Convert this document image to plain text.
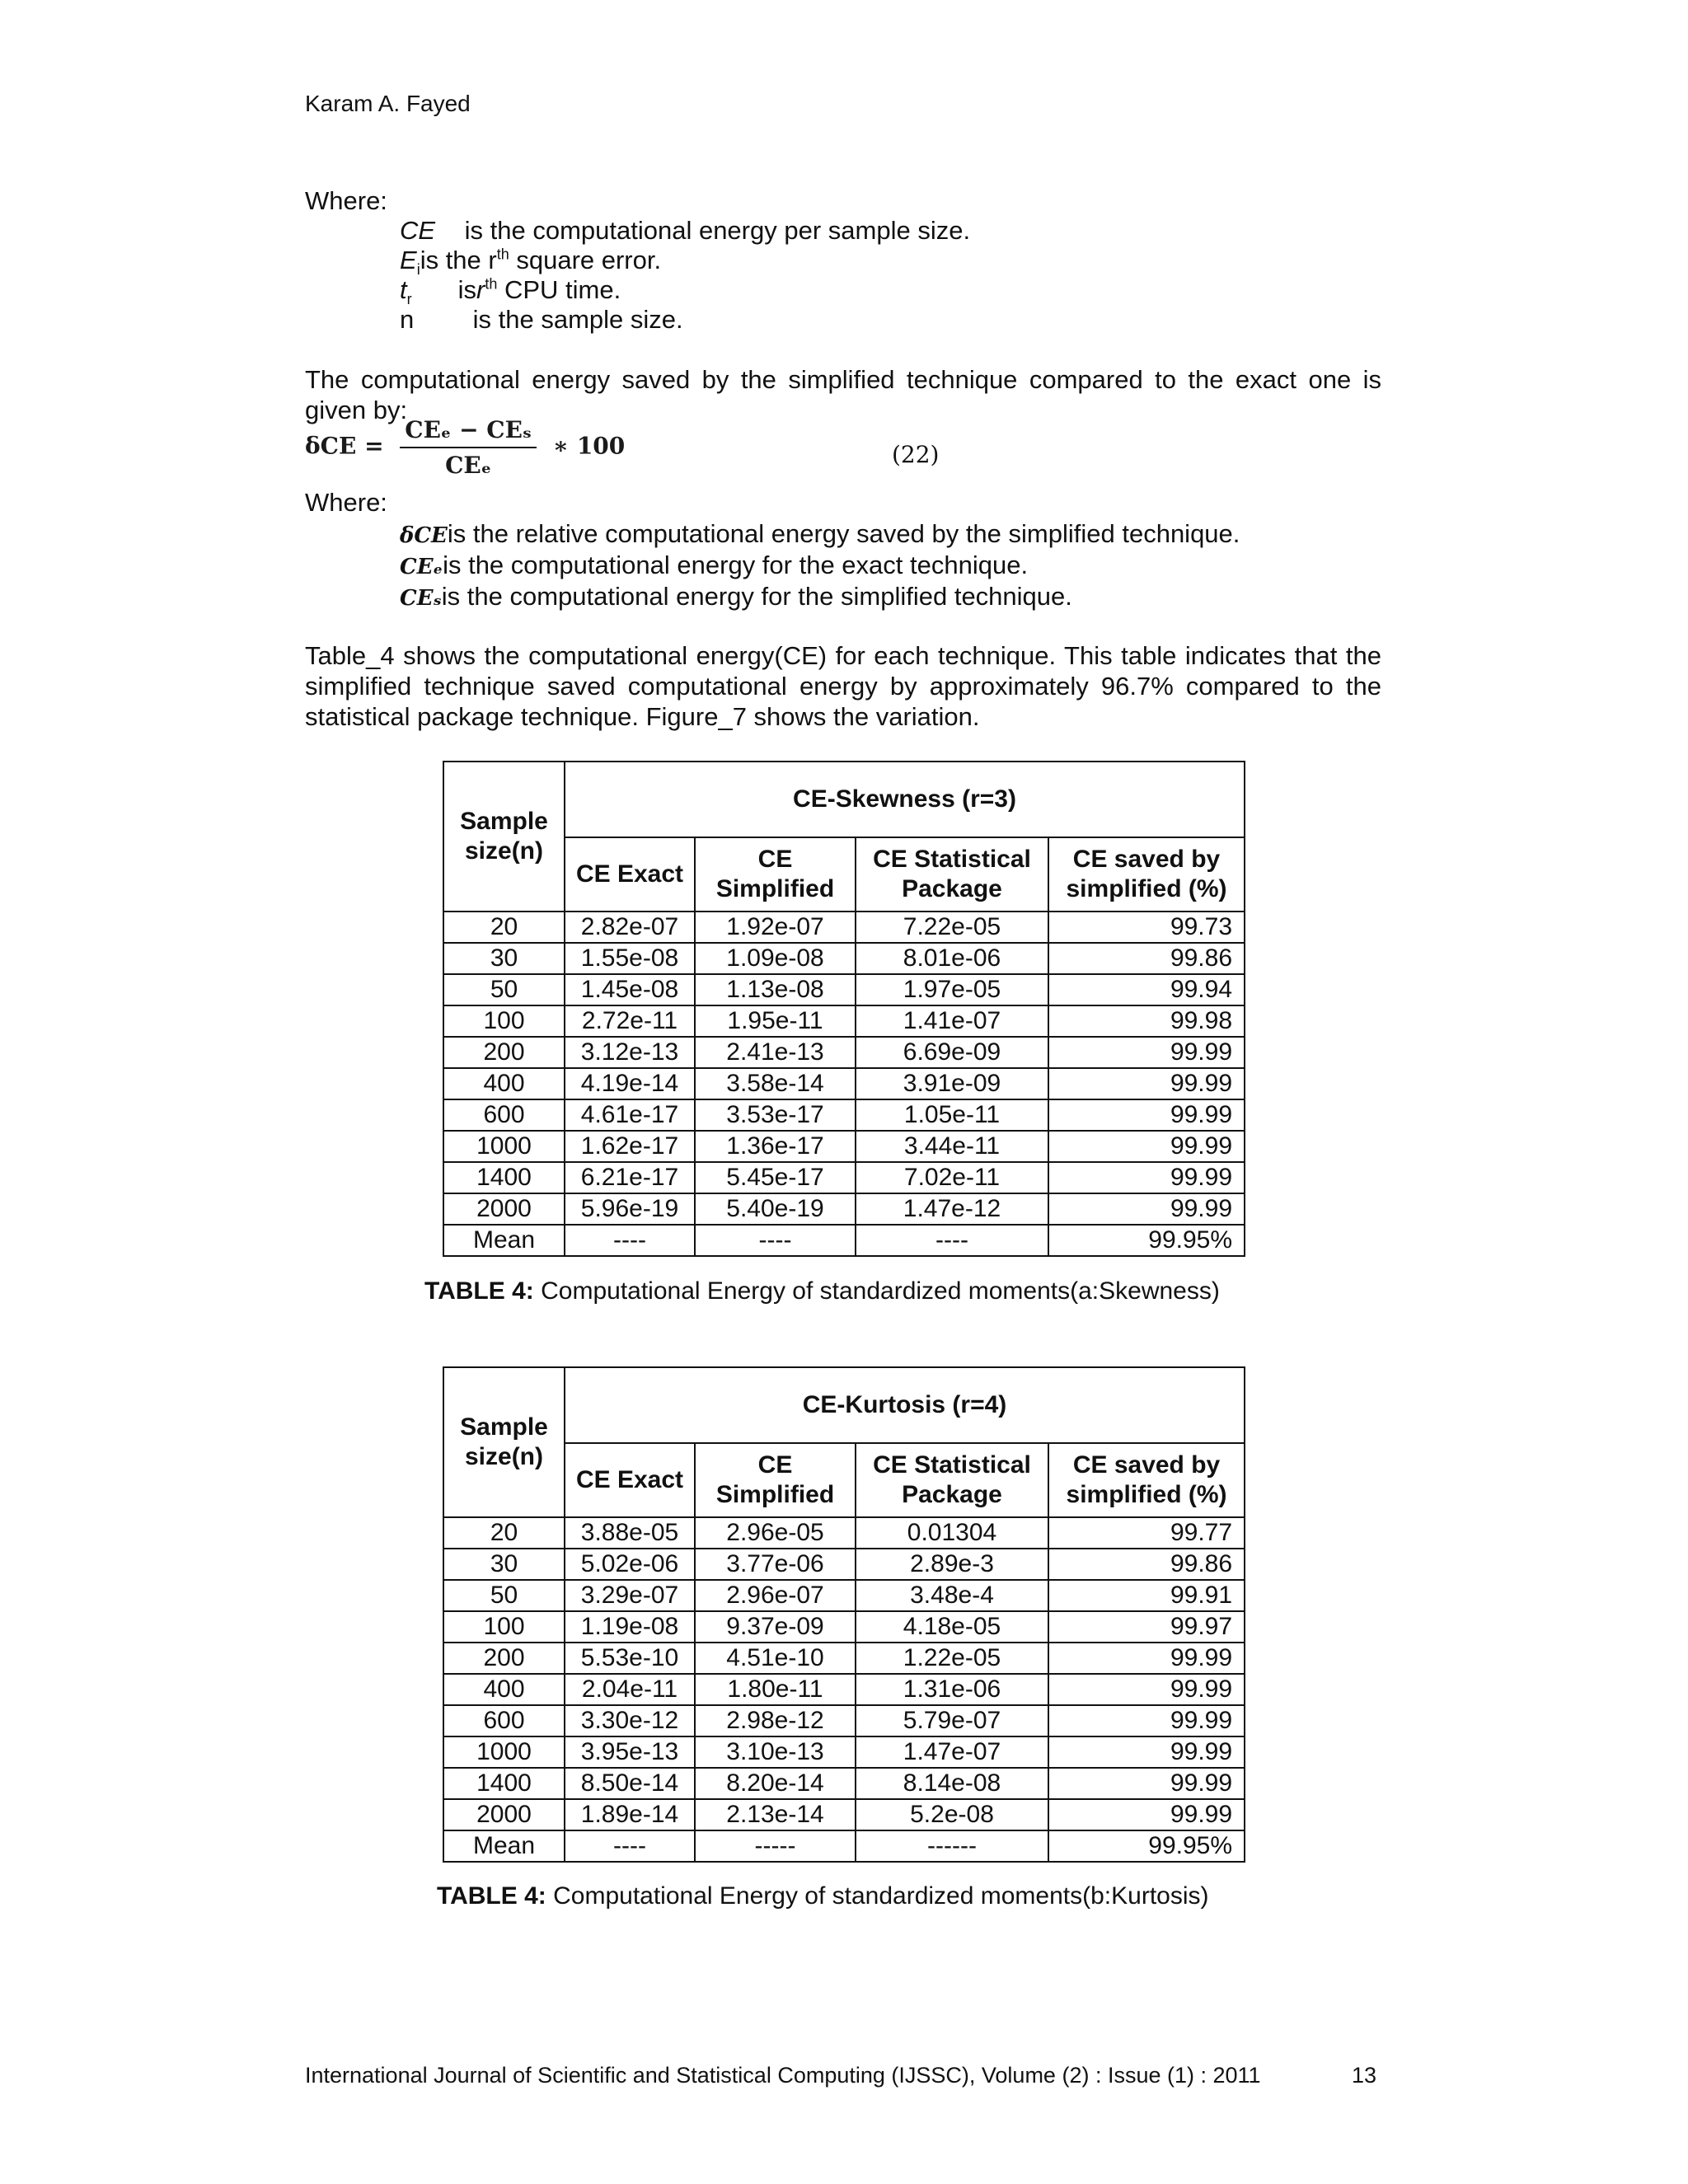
Karam A. Fayed
Where:
CE is the computational energy per sample size.
$E_iis$ the $r^{th}$ square error.
tr isr$^{th}$ CPU time.
n is the sample size.
The computational energy saved by the simplified technique compared to the exact one is given by:
$\delta CE = \frac{\text{CEₑ − CEₛ}}{\text{CEₑ}}$ ∗ 100	(22)
Where:
δCEis the relative computational energy saved by the simplified technique.
CEₑis the computational energy for the exact technique.
CEₛis the computational energy for the simplified technique.
Table_4 shows the computational energy(CE) for each technique. This table indicates that the simplified technique saved computational energy by approximately 96.7% compared to the statistical package technique. Figure_7 shows the variation.
Sample size(n)	CE-Skewness (r=3)			
	CE Exact	CE Simplified	CE Statistical Package	CE saved by simplified (%)
20	2.82e-07	1.92e-07	7.22e-05	99.73
30	1.55e-08	1.09e-08	8.01e-06	99.86
50	1.45e-08	1.13e-08	1.97e-05	99.94
100	2.72e-11	1.95e-11	1.41e-07	99.98
200	3.12e-13	2.41e-13	6.69e-09	99.99
400	4.19e-14	3.58e-14	3.91e-09	99.99
600	4.61e-17	3.53e-17	1.05e-11	99.99
1000	1.62e-17	1.36e-17	3.44e-11	99.99
1400	6.21e-17	5.45e-17	7.02e-11	99.99
2000	5.96e-19	5.40e-19	1.47e-12	99.99
Mean	----	----	----	99.95%
TABLE 4: Computational Energy of standardized moments(a:Skewness)
Sample size(n)	CE-Kurtosis (r=4)			
	CE Exact	CE Simplified	CE Statistical Package	CE saved by simplified (%)
20	3.88e-05	2.96e-05	0.01304	99.77
30	5.02e-06	3.77e-06	2.89e-3	99.86
50	3.29e-07	2.96e-07	3.48e-4	99.91
100	1.19e-08	9.37e-09	4.18e-05	99.97
200	5.53e-10	4.51e-10	1.22e-05	99.99
400	2.04e-11	1.80e-11	1.31e-06	99.99
600	3.30e-12	2.98e-12	5.79e-07	99.99
1000	3.95e-13	3.10e-13	1.47e-07	99.99
1400	8.50e-14	8.20e-14	8.14e-08	99.99
2000	1.89e-14	2.13e-14	5.2e-08	99.99
Mean	----	-----	------	99.95%
TABLE 4: Computational Energy of standardized moments(b:Kurtosis)
International Journal of Scientific and Statistical Computing (IJSSC), Volume (2) : Issue (1) : 2011	13
